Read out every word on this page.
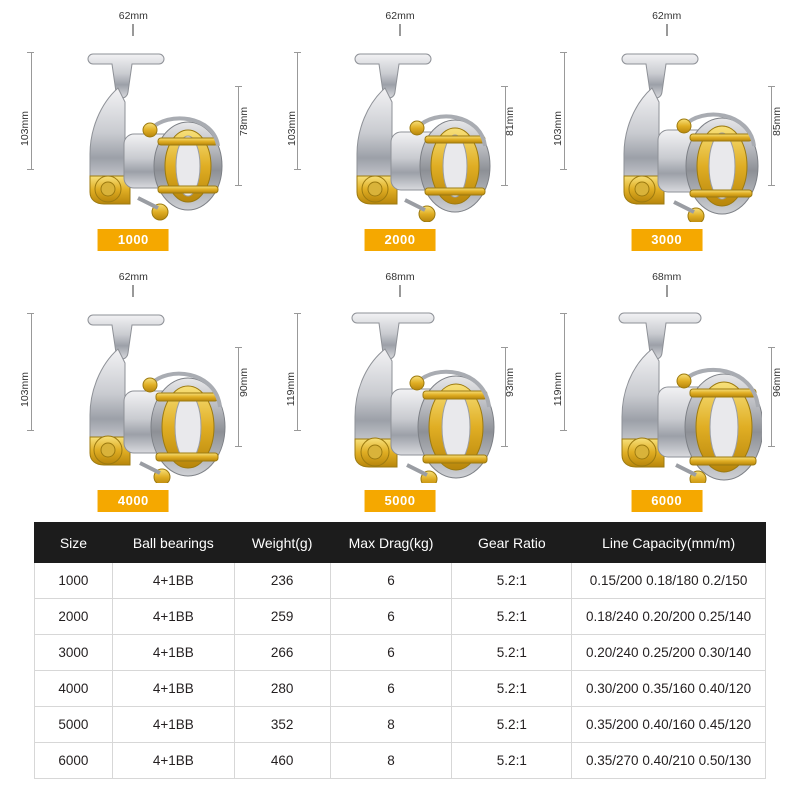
62mm
103mm	78mm
1000
62mm
103mm	81mm
2000
62mm
103mm	85mm
3000
62mm
103mm	90mm
4000
68mm
119mm	93mm
5000
68mm
119mm	96mm
6000
Size	Ball bearings	Weight(g)	Max Drag(kg)	Gear Ratio	Line Capacity(mm/m)
1000	4+1BB	236	6	5.2:1	0.15/200 0.18/180 0.2/150
2000	4+1BB	259	6	5.2:1	0.18/240 0.20/200 0.25/140
3000	4+1BB	266	6	5.2:1	0.20/240 0.25/200 0.30/140
4000	4+1BB	280	6	5.2:1	0.30/200 0.35/160 0.40/120
5000	4+1BB	352	8	5.2:1	0.35/200 0.40/160 0.45/120
6000	4+1BB	460	8	5.2:1	0.35/270 0.40/210 0.50/130
